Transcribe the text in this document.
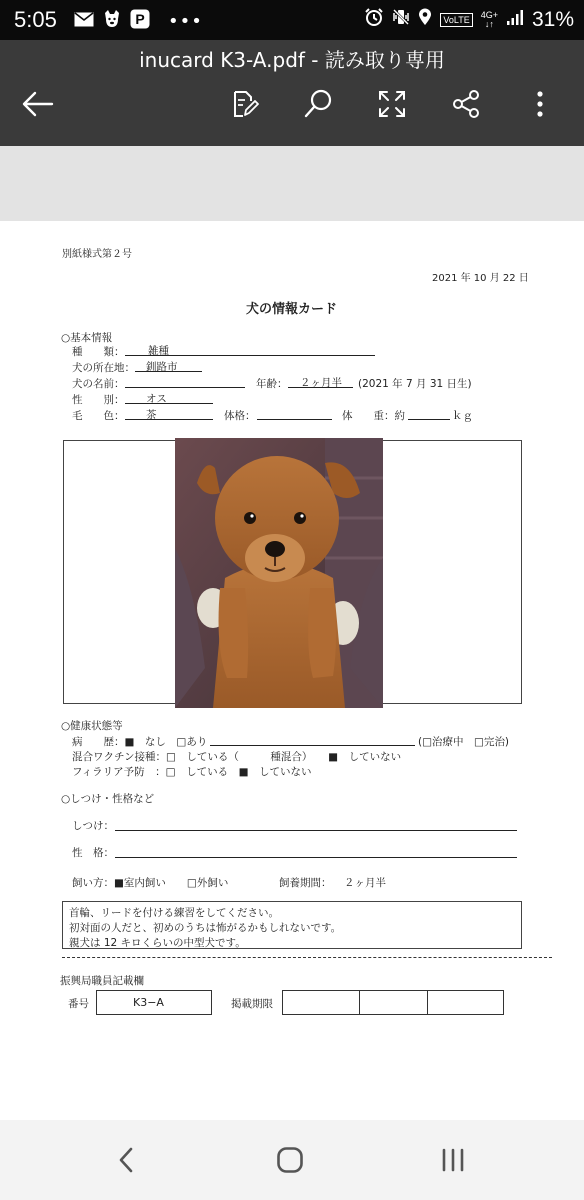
5:05	P •••	VoLTE	4G+
↓↑ 31%
inucard K3-A.pdf - 読み取り専用
別紙様式第２号
2021 年 10 月 22 日
犬の情報カード
○基本情報
種　　類： 雑種
犬の所在地： 釧路市
犬の名前：	年齢： ２ヶ月半 (2021 年 7 月 31 日生)
性　　別： オス
毛　　色： 茶	体格：	体　　重：約	ｋｇ
○健康状態等
病　　歴：■　なし　□あり	(□治療中　□完治)
混合ワクチン接種：□　している（　　　種混合）　　■　していない
フィラリア予防　：□　している　■　していない
○しつけ・性格など
しつけ：
性　格：
飼い方：■室内飼い　　□外飼い	飼養期間： ２ヶ月半
首輪、リードを付ける練習をしてください。
初対面の人だと、初めのうちは怖がるかもしれないです。
親犬は 12 キロくらいの中型犬です。
振興局職員記載欄
番号	K3−A	掲載期限
